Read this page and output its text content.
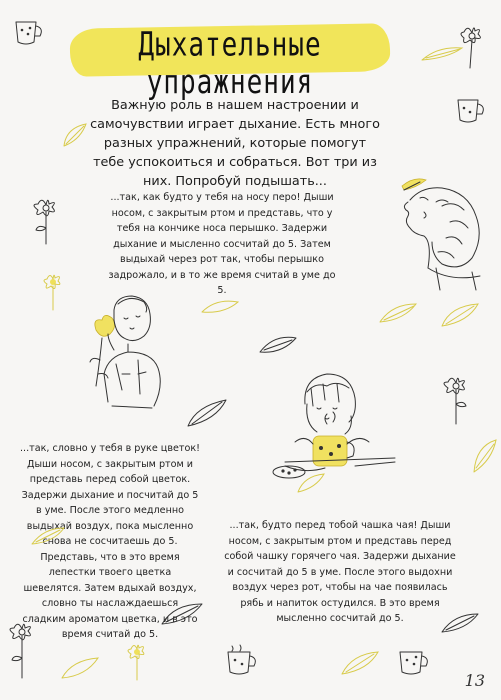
Дыхательные упражнения
Важную роль в нашем настроении и самочувствии играет дыхание. Есть много разных упражнений, которые помогут тебе успокоиться и собраться. Вот три из них. Попробуй подышать...
...так, как будто у тебя на носу перо! Дыши носом, с закрытым ртом и представь, что у тебя на кончике носа перышко. Задержи дыхание и мысленно сосчитай до 5. Затем выдыхай через рот так, чтобы перышко задрожало, и в то же время считай в уме до 5.
...так, словно у тебя в руке цветок! Дыши носом, с закрытым ртом и представь перед собой цветок. Задержи дыхание и посчитай до 5 в уме. После этого медленно выдыхай воздух, пока мысленно снова не сосчитаешь до 5. Представь, что в это время лепестки твоего цветка шевелятся. Затем вдыхай воздух, словно ты наслаждаешься сладким ароматом цветка, и в это время считай до 5.
...так, будто перед тобой чашка чая! Дыши носом, с закрытым ртом и представь перед собой чашку горячего чая. Задержи дыхание и сосчитай до 5 в уме. После этого выдохни воздух через рот, чтобы на чае появилась рябь и напиток остудился. В это время мысленно сосчитай до 5.
13
